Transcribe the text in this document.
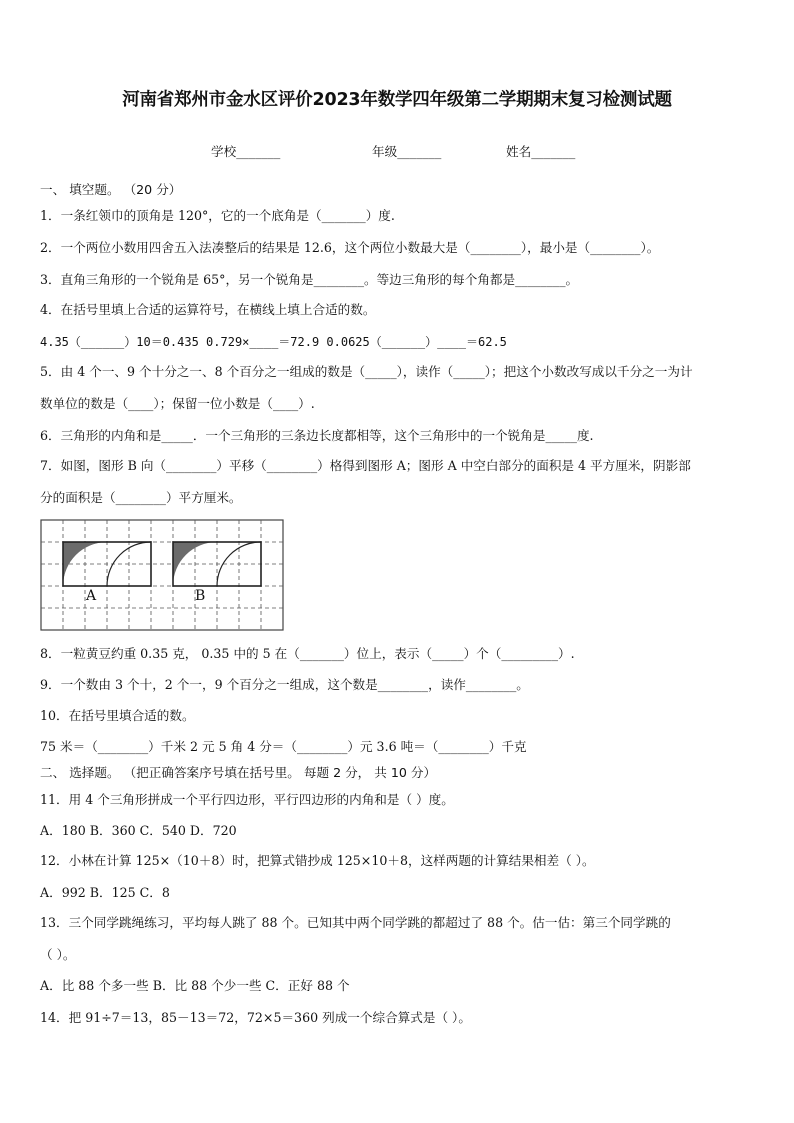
河南省郑州市金水区评价2023年数学四年级第二学期期末复习检测试题
学校_______	年级_______	姓名_______
一、 填空题。 （20 分）
1．一条红领巾的顶角是 120°，它的一个底角是（_______）度.
2．一个两位小数用四舍五入法凑整后的结果是 12.6，这个两位小数最大是（________），最小是（________）。
3．直角三角形的一个锐角是 65°，另一个锐角是________。等边三角形的每个角都是________。
4．在括号里填上合适的运算符号，在横线上填上合适的数。
4.35（______）10＝0.435 0.729×____＝72.9 0.0625（______）____＝62.5
5．由 4 个一、9 个十分之一、8 个百分之一组成的数是（_____），读作（_____）；把这个小数改写成以千分之一为计
数单位的数是（____）；保留一位小数是（____）.
6．三角形的内角和是_____．一个三角形的三条边长度都相等，这个三角形中的一个锐角是_____度.
7．如图，图形 B 向（________）平移（________）格得到图形 A；图形 A 中空白部分的面积是 4 平方厘米，阴影部
分的面积是（________）平方厘米。
A	B
8．一粒黄豆约重 0.35 克， 0.35 中的 5 在（_______）位上，表示（_____）个（_________）.
9．一个数由 3 个十，2 个一，9 个百分之一组成，这个数是________，读作________。
10．在括号里填合适的数。
75 米＝（________）千米 2 元 5 角 4 分＝（________）元 3.6 吨＝（________）千克
二、 选择题。 （把正确答案序号填在括号里。 每题 2 分， 共 10 分）
11．用 4 个三角形拼成一个平行四边形，平行四边形的内角和是（ ）度。
A．180 B．360 C．540 D．720
12．小林在计算 125×（10＋8）时，把算式错抄成 125×10＋8，这样两题的计算结果相差（ ）。
A．992 B．125 C．8
13．三个同学跳绳练习，平均每人跳了 88 个。已知其中两个同学跳的都超过了 88 个。估一估：第三个同学跳的
（ ）。
A．比 88 个多一些 B．比 88 个少一些 C．正好 88 个
14．把 91÷7＝13，85－13＝72，72×5＝360 列成一个综合算式是（ ）。
